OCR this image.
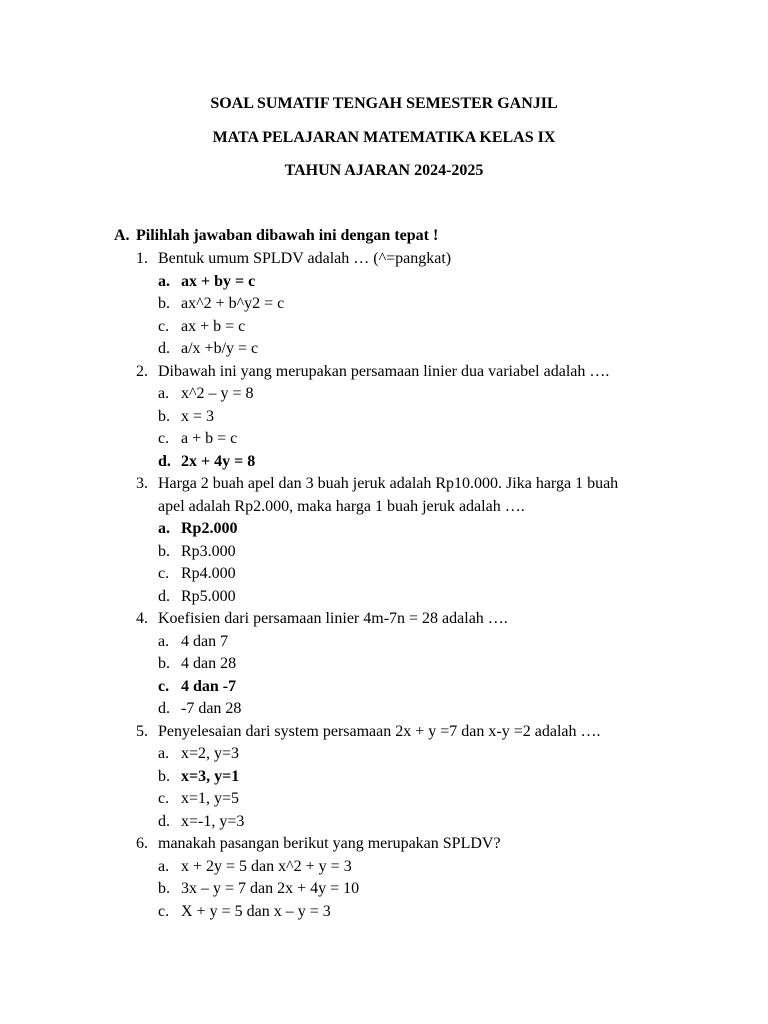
SOAL SUMATIF TENGAH SEMESTER GANJIL
MATA PELAJARAN MATEMATIKA KELAS IX
TAHUN AJARAN 2024-2025
A. Pilihlah jawaban dibawah ini dengan tepat !
1. Bentuk umum SPLDV adalah … (^=pangkat)
a. ax + by = c
b. ax^2 + b^y2 = c
c. ax + b = c
d. a/x +b/y = c
2. Dibawah ini yang merupakan persamaan linier dua variabel adalah ….
a. x^2 – y = 8
b. x = 3
c. a + b = c
d. 2x + 4y = 8
3. Harga 2 buah apel dan 3 buah jeruk adalah Rp10.000. Jika harga 1 buah
apel adalah Rp2.000, maka harga 1 buah jeruk adalah ….
a. Rp2.000
b. Rp3.000
c. Rp4.000
d. Rp5.000
4. Koefisien dari persamaan linier 4m-7n = 28 adalah ….
a. 4 dan 7
b. 4 dan 28
c. 4 dan -7
d. -7 dan 28
5. Penyelesaian dari system persamaan 2x + y =7 dan x-y =2 adalah ….
a. x=2, y=3
b. x=3, y=1
c. x=1, y=5
d. x=-1, y=3
6. manakah pasangan berikut yang merupakan SPLDV?
a. x + 2y = 5 dan x^2 + y = 3
b. 3x – y = 7 dan 2x + 4y = 10
c. X + y = 5 dan x – y = 3
